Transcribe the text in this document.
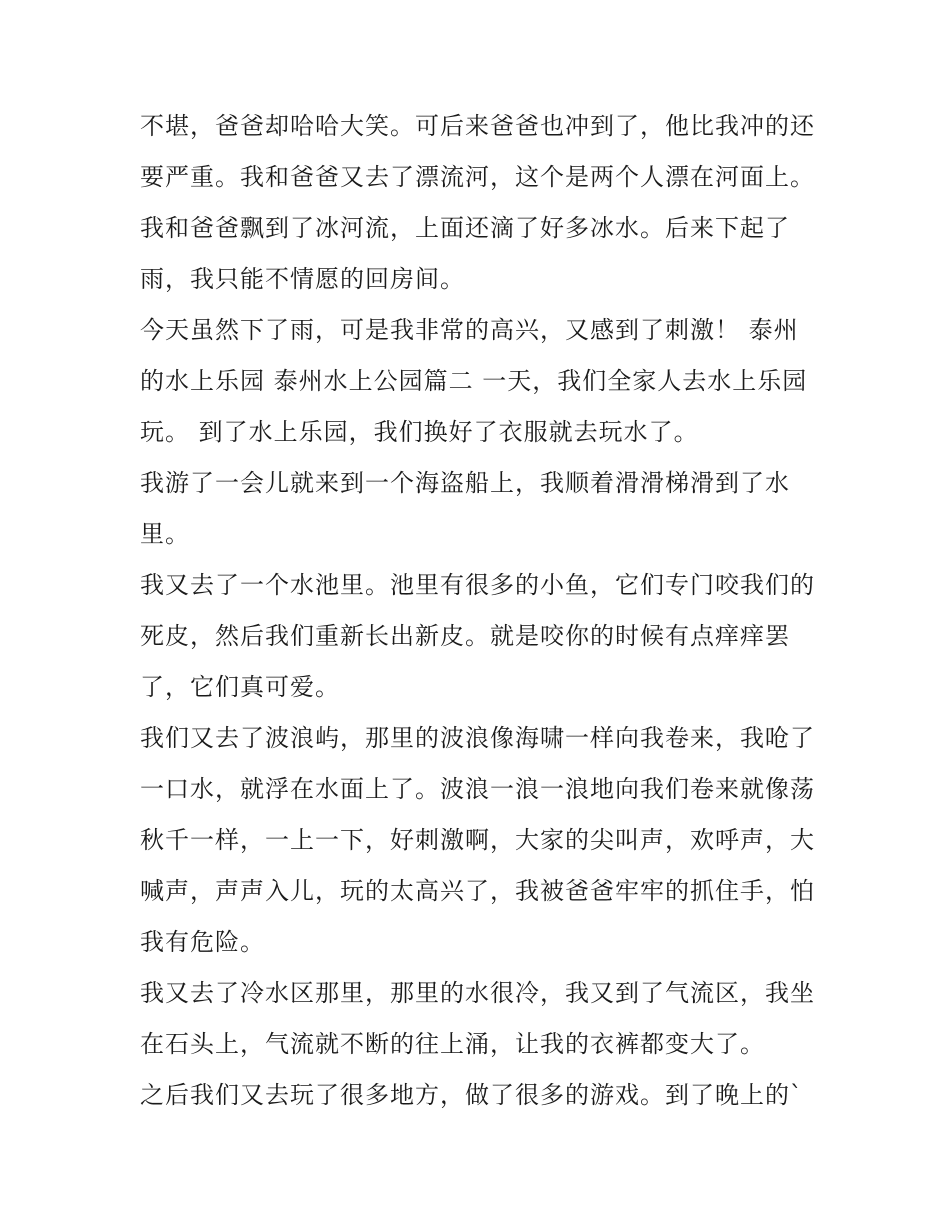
不堪，爸爸却哈哈大笑。可后来爸爸也冲到了，他比我冲的还
要严重。我和爸爸又去了漂流河，这个是两个人漂在河面上。
我和爸爸飘到了冰河流，上面还滴了好多冰水。后来下起了
雨，我只能不情愿的回房间。
今天虽然下了雨，可是我非常的高兴，又感到了刺激！ 泰州
的水上乐园 泰州水上公园篇二 一天，我们全家人去水上乐园
玩。 到了水上乐园，我们换好了衣服就去玩水了。
我游了一会儿就来到一个海盗船上，我顺着滑滑梯滑到了水
里。
我又去了一个水池里。池里有很多的小鱼，它们专门咬我们的
死皮，然后我们重新长出新皮。就是咬你的时候有点痒痒罢
了，它们真可爱。
我们又去了波浪屿，那里的波浪像海啸一样向我卷来，我呛了
一口水，就浮在水面上了。波浪一浪一浪地向我们卷来就像荡
秋千一样，一上一下，好刺激啊，大家的尖叫声，欢呼声，大
喊声，声声入儿，玩的太高兴了，我被爸爸牢牢的抓住手，怕
我有危险。
我又去了冷水区那里，那里的水很冷，我又到了气流区，我坐
在石头上，气流就不断的往上涌，让我的衣裤都变大了。
之后我们又去玩了很多地方，做了很多的游戏。到了晚上的`
